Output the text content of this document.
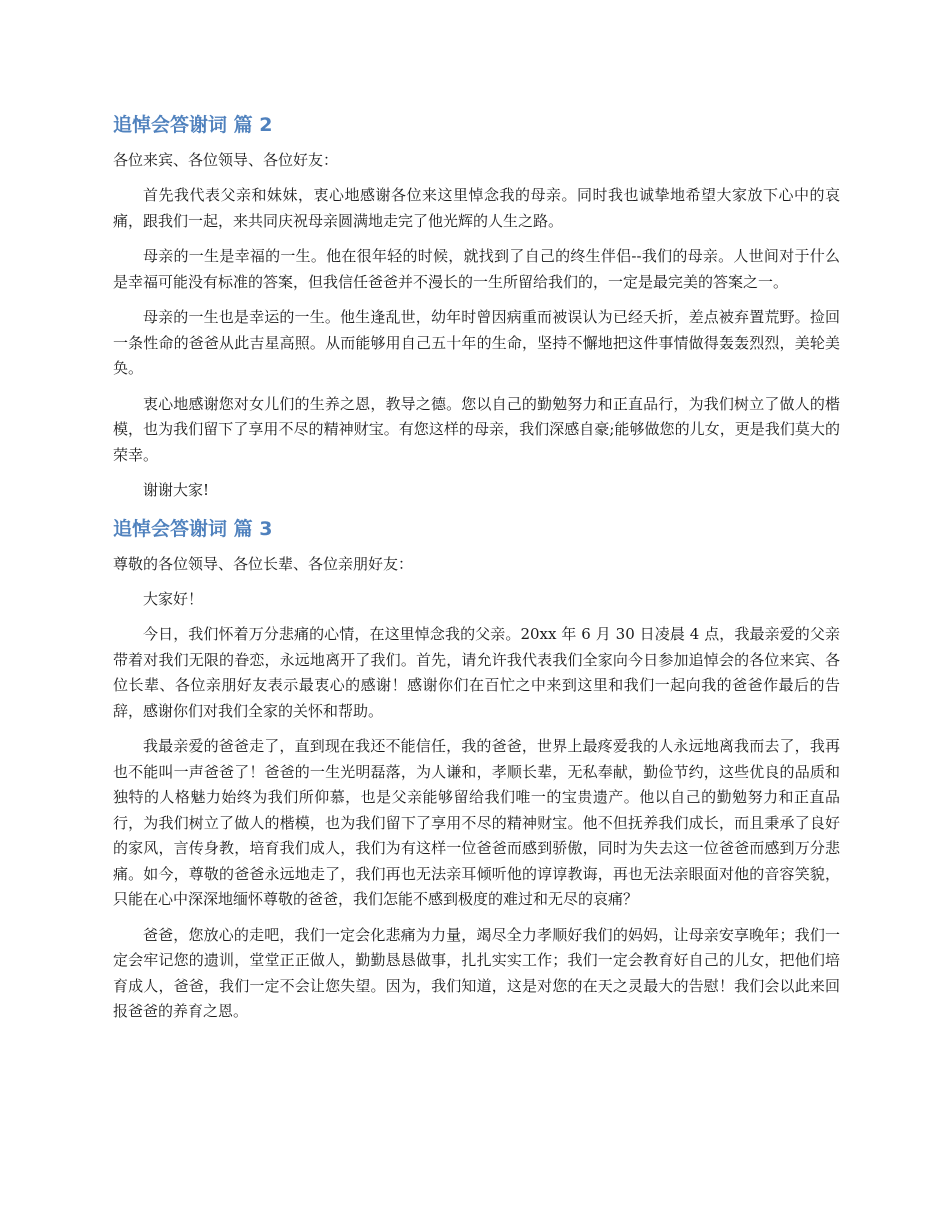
追悼会答谢词 篇 2

各位来宾、各位领导、各位好友：

首先我代表父亲和妹妹，衷心地感谢各位来这里悼念我的母亲。同时我也诚挚地希望大家放下心中的哀痛，跟我们一起，来共同庆祝母亲圆满地走完了他光辉的人生之路。

母亲的一生是幸福的一生。他在很年轻的时候，就找到了自己的终生伴侣--我们的母亲。人世间对于什么是幸福可能没有标准的答案，但我信任爸爸并不漫长的一生所留给我们的，一定是最完美的答案之一。

母亲的一生也是幸运的一生。他生逢乱世，幼年时曾因病重而被误认为已经夭折，差点被弃置荒野。捡回一条性命的爸爸从此吉星高照。从而能够用自己五十年的生命，坚持不懈地把这件事情做得轰轰烈烈，美轮美奂。

衷心地感谢您对女儿们的生养之恩，教导之德。您以自己的勤勉努力和正直品行，为我们树立了做人的楷模，也为我们留下了享用不尽的精神财宝。有您这样的母亲，我们深感自豪;能够做您的儿女，更是我们莫大的荣幸。

谢谢大家!

追悼会答谢词 篇 3

尊敬的各位领导、各位长辈、各位亲朋好友：

大家好！

今日，我们怀着万分悲痛的心情，在这里悼念我的父亲。20xx 年 6 月 30 日凌晨 4 点，我最亲爱的父亲带着对我们无限的眷恋，永远地离开了我们。首先，请允许我代表我们全家向今日参加追悼会的各位来宾、各位长辈、各位亲朋好友表示最衷心的感谢！感谢你们在百忙之中来到这里和我们一起向我的爸爸作最后的告辞，感谢你们对我们全家的关怀和帮助。

我最亲爱的爸爸走了，直到现在我还不能信任，我的爸爸，世界上最疼爱我的人永远地离我而去了，我再也不能叫一声爸爸了！爸爸的一生光明磊落，为人谦和，孝顺长辈，无私奉献，勤俭节约，这些优良的品质和独特的人格魅力始终为我们所仰慕，也是父亲能够留给我们唯一的宝贵遗产。他以自己的勤勉努力和正直品行，为我们树立了做人的楷模，也为我们留下了享用不尽的精神财宝。他不但抚养我们成长，而且秉承了良好的家风，言传身教，培育我们成人，我们为有这样一位爸爸而感到骄傲，同时为失去这一位爸爸而感到万分悲痛。如今，尊敬的爸爸永远地走了，我们再也无法亲耳倾听他的谆谆教诲，再也无法亲眼面对他的音容笑貌，只能在心中深深地缅怀尊敬的爸爸，我们怎能不感到极度的难过和无尽的哀痛？

爸爸，您放心的走吧，我们一定会化悲痛为力量，竭尽全力孝顺好我们的妈妈，让母亲安享晚年；我们一定会牢记您的遗训，堂堂正正做人，勤勤恳恳做事，扎扎实实工作；我们一定会教育好自己的儿女，把他们培育成人，爸爸，我们一定不会让您失望。因为，我们知道，这是对您的在天之灵最大的告慰！我们会以此来回报爸爸的养育之恩。
